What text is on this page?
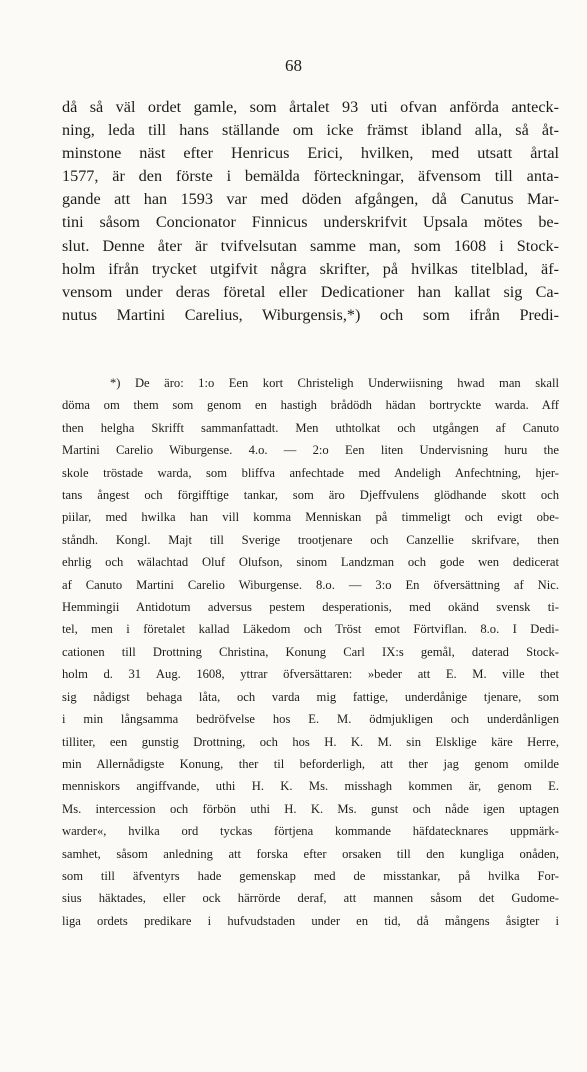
68
då så väl ordet gamle, som årtalet 93 uti ofvan anförda anteck-
ning, leda till hans ställande om icke främst ibland alla, så åt-
minstone näst efter Henricus Erici, hvilken, med utsatt årtal
1577, är den förste i bemälda förteckningar, äfvensom till anta-
gande att han 1593 var med döden afgången, då Canutus Mar-
tini såsom Concionator Finnicus underskrifvit Upsala mötes be-
slut. Denne åter är tvifvelsutan samme man, som 1608 i Stock-
holm ifrån trycket utgifvit några skrifter, på hvilkas titelblad, äf-
vensom under deras företal eller Dedicationer han kallat sig Ca-
nutus Martini Carelius, Wiburgensis,*) och som ifrån Predi-
*) De äro: 1:o Een kort Christeligh Underwiisning hwad man skall
döma om them som genom en hastigh brådödh hädan bortryckte warda. Aff
then helgha Skrifft sammanfattadt. Men uthtolkat och utgången af Canuto
Martini Carelio Wiburgense. 4.o. — 2:o Een liten Undervisning huru the
skole tröstade warda, som bliffva anfechtade med Andeligh Anfechtning, hjer-
tans ångest och förgifftige tankar, som äro Djeffvulens glödhande skott och
piilar, med hwilka han vill komma Menniskan på timmeligt och evigt obe-
ståndh. Kongl. Majt till Sverige trootjenare och Canzellie skrifvare, then
ehrlig och wälachtad Oluf Olufson, sinom Landzman och gode wen dedicerat
af Canuto Martini Carelio Wiburgense. 8.o. — 3:o En öfversättning af Nic.
Hemmingii Antidotum adversus pestem desperationis, med okänd svensk ti-
tel, men i företalet kallad Läkedom och Tröst emot Förtviflan. 8.o. I Dedi-
cationen till Drottning Christina, Konung Carl IX:s gemål, daterad Stock-
holm d. 31 Aug. 1608, yttrar öfversättaren: »beder att E. M. ville thet
sig nådigst behaga låta, och varda mig fattige, underdånige tjenare, som
i min långsamma bedröfvelse hos E. M. ödmjukligen och underdånligen
tilliter, een gunstig Drottning, och hos H. K. M. sin Elsklige käre Herre,
min Allernådigste Konung, ther til beforderligh, att ther jag genom omilde
menniskors angiffvande, uthi H. K. Ms. misshagh kommen är, genom E.
Ms. intercession och förbön uthi H. K. Ms. gunst och nåde igen uptagen
warder«, hvilka ord tyckas förtjena kommande häfdatecknares uppmärk-
samhet, såsom anledning att forska efter orsaken till den kungliga onåden,
som till äfventyrs hade gemenskap med de misstankar, på hvilka For-
sius häktades, eller ock härrörde deraf, att mannen såsom det Gudome-
liga ordets predikare i hufvudstaden under en tid, då mångens åsigter i
